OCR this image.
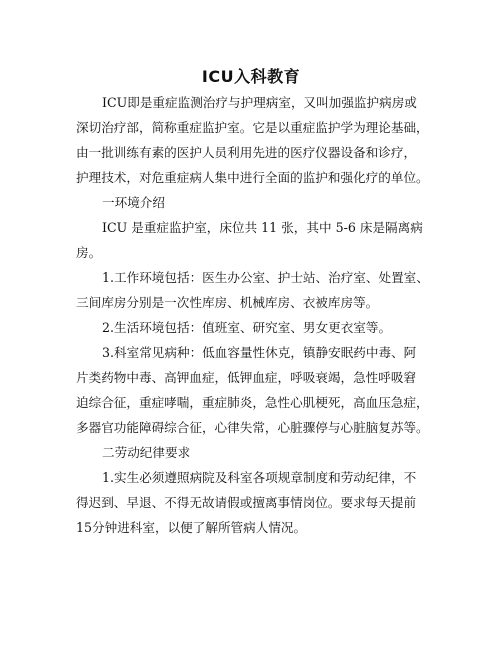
ICU入科教育
ICU即是重症监测治疗与护理病室，又叫加强监护病房或
深切治疗部，简称重症监护室。它是以重症监护学为理论基础，
由一批训练有素的医护人员利用先进的医疗仪器设备和诊疗，
护理技术，对危重症病人集中进行全面的监护和强化疗的单位。
一环境介绍
ICU 是重症监护室，床位共 11 张，其中 5-6 床是隔离病
房。
1.工作环境包括：医生办公室、护士站、治疗室、处置室、
三间库房分别是一次性库房、机械库房、衣被库房等。
2.生活环境包括：值班室、研究室、男女更衣室等。
3.科室常见病种：低血容量性休克，镇静安眠药中毒、阿
片类药物中毒、高钾血症，低钾血症，呼吸衰竭，急性呼吸窘
迫综合征，重症哮喘，重症肺炎，急性心肌梗死，高血压急症，
多器官功能障碍综合征，心律失常，心脏骤停与心脏脑复苏等。
二劳动纪律要求
1.实生必须遵照病院及科室各项规章制度和劳动纪律，不
得迟到、早退、不得无故请假或擅离事情岗位。要求每天提前
15分钟进科室，以便了解所管病人情况。
